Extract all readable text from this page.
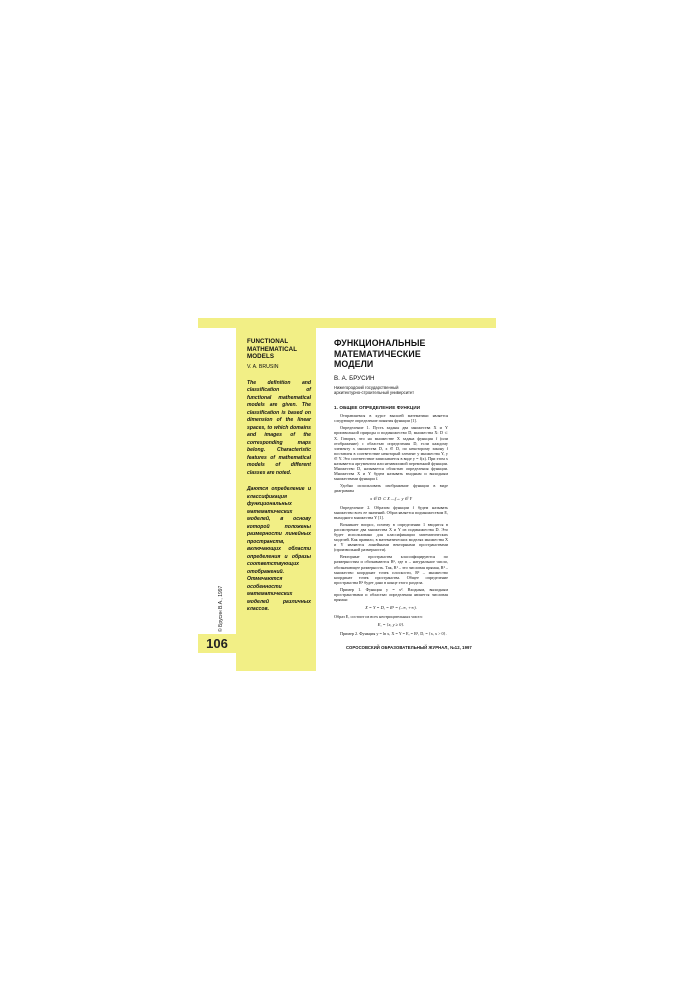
106
© Брусин В.А., 1997
FUNCTIONAL
MATHEMATICAL MODELS
V. A. BRUSIN

The definition and classification of functional mathematical models are given. The classification is based on dimension of the linear spaces, to which domains and images of the corresponding maps belong. Characteristic features of mathematical models of different classes are noted.

Даются определение и классификация функциональных математических моделей, в основу которой положены размерности линейных пространств, включающих области определения и образы соответствующих отображений. Отмечаются особенности математических моделей различных классов.

ФУНКЦИОНАЛЬНЫЕ
МАТЕМАТИЧЕСКИЕ МОДЕЛИ
В. А. БРУСИН
Нижегородский государственный архитектурно-строительный университет
1. ОБЩЕЕ ОПРЕДЕЛЕНИЕ ФУНКЦИИ

Отправляемся в курсе высшей математики является следующее определение понятия функции [1].

Определение 1. Пусть заданы два множества X и Y произвольной природы и подмножество D, множества X: D ⊂ X. Говорят, что на множестве X задана функция f (или отображение) с областью определения D, если каждому элементу x множества D, x ∈ D, по некоторому закону f поставлен в соответствие некоторый элемент y множества Y, y ∈ Y. Это соответствие записывается в виде y = f(x). При этом x называется аргументом или независимой переменной функции. Множество D, называется областью определения функции. Множества X и Y будем называть входным и выходным множествами функции f.

Удобно использовать изображение функции в виде диаграммы

x ∈ D ⊂ X —f→ y ∈ Y

Определение 2. Образом функции f будем называть множество всех ее значений. Образ является подмножеством E, выходного множества Y [1].

Возникает вопрос, почему в определении 1 вводятся в рассмотрение два множества X и Y из подмножества D. Это будет использовано для классификации математических моделей. Как правило, в математических моделях множества X и Y являются линейными векторными пространствами (произвольной размерности).

Векторные пространства классифицируются по размерностям и обозначаются Rⁿ, где n – натуральное число, обозначающее размерность. Так, R¹ – это числовая прямая, R² – множество координат точек плоскости, R³ – множество координат точек пространства. Общее определение пространства Rⁿ будет дано в конце этого раздела.

Пример 1. Функция y = x². Входным, выходным пространствами и областью определения является числовая прямая:

X = Y = D, = R¹ = (–∞, +∞).

Образ E, состоит из всех неотрицательных чисел:

E, = {x, y ≥ 0}.

Пример 2. Функция y = ln x, X = Y = E, = R¹, D, = {x, x > 0}.

СОРОСОВСКИЙ ОБРАЗОВАТЕЛЬНЫЙ ЖУРНАЛ, №12, 1997
